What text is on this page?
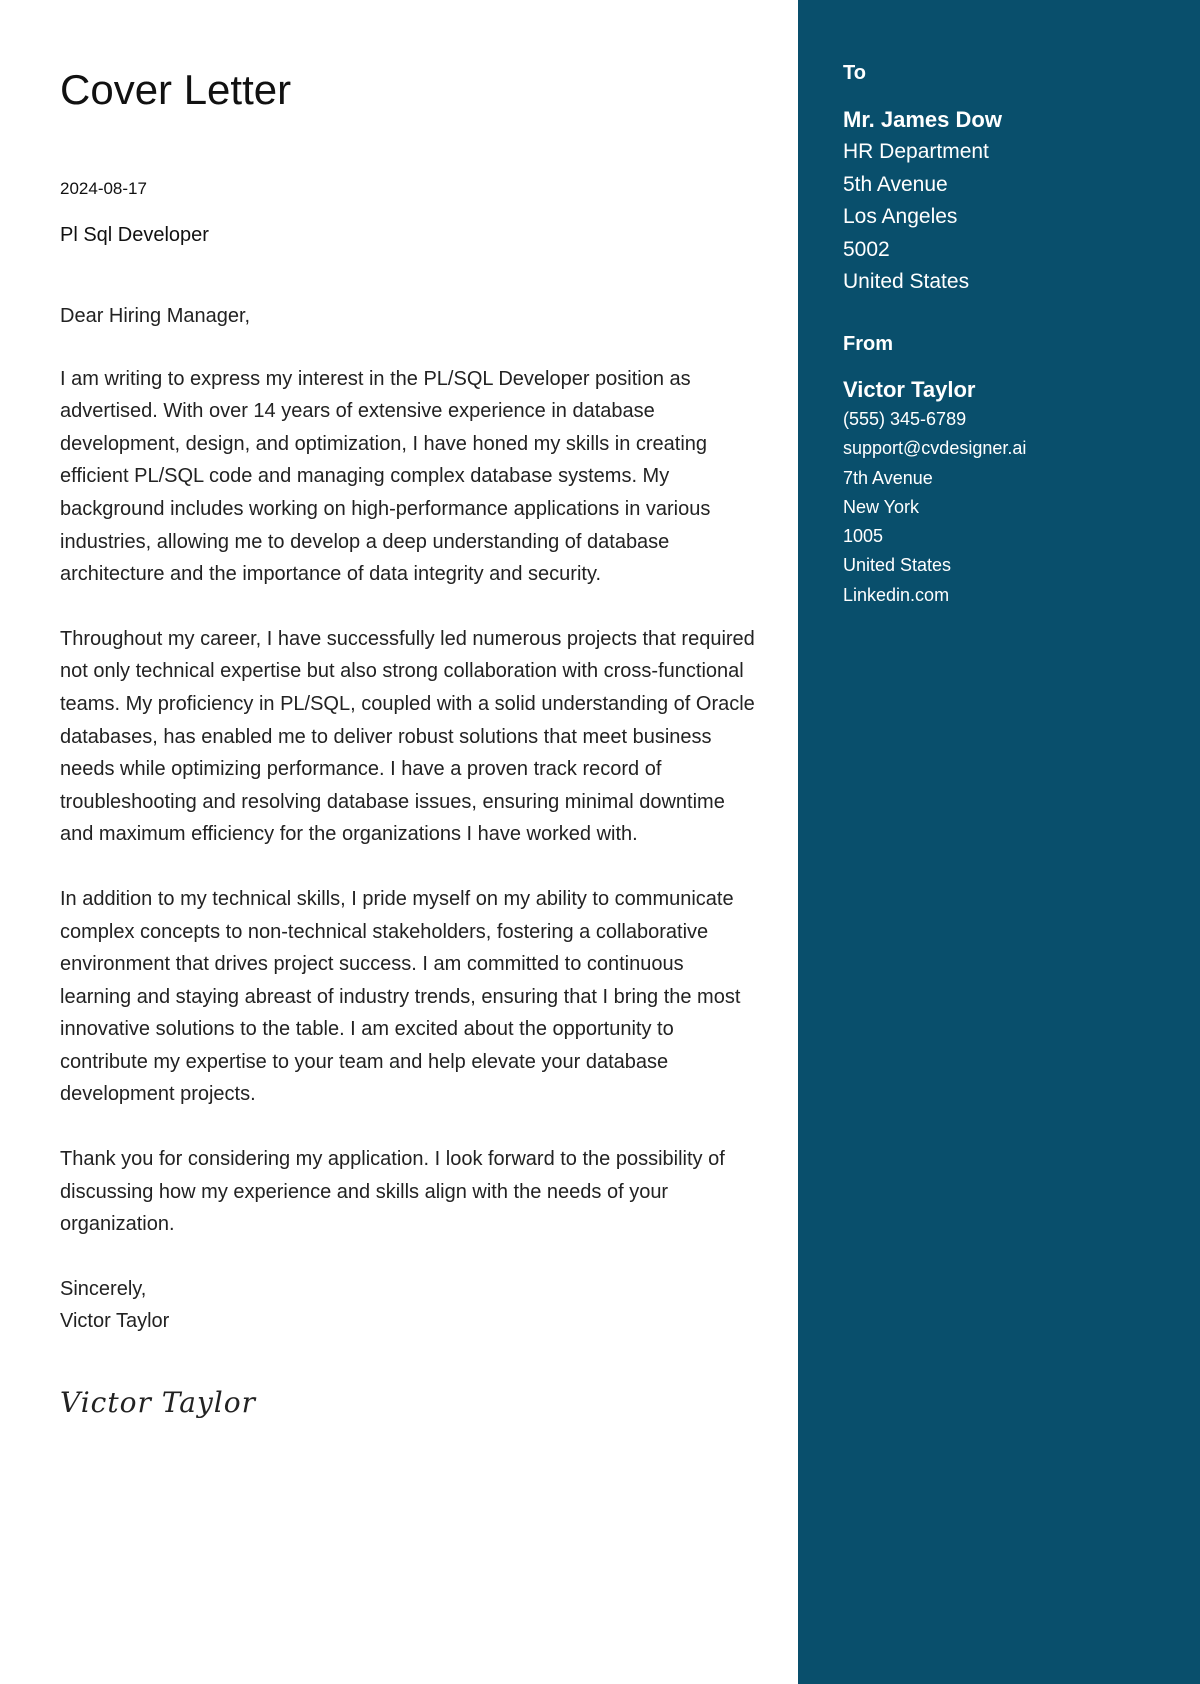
Cover Letter
2024-08-17
Pl Sql Developer

Dear Hiring Manager,

I am writing to express my interest in the PL/SQL Developer position as advertised. With over 14 years of extensive experience in database development, design, and optimization, I have honed my skills in creating efficient PL/SQL code and managing complex database systems. My background includes working on high-performance applications in various industries, allowing me to develop a deep understanding of database architecture and the importance of data integrity and security.

Throughout my career, I have successfully led numerous projects that required not only technical expertise but also strong collaboration with cross-functional teams. My proficiency in PL/SQL, coupled with a solid understanding of Oracle databases, has enabled me to deliver robust solutions that meet business needs while optimizing performance. I have a proven track record of troubleshooting and resolving database issues, ensuring minimal downtime and maximum efficiency for the organizations I have worked with.

In addition to my technical skills, I pride myself on my ability to communicate complex concepts to non-technical stakeholders, fostering a collaborative environment that drives project success. I am committed to continuous learning and staying abreast of industry trends, ensuring that I bring the most innovative solutions to the table. I am excited about the opportunity to contribute my expertise to your team and help elevate your database development projects.

Thank you for considering my application. I look forward to the possibility of discussing how my experience and skills align with the needs of your organization.

Sincerely,

Victor Taylor

Victor Taylor
To
Mr. James Dow
HR Department
5th Avenue
Los Angeles
5002
United States
From
Victor Taylor
(555) 345-6789
support@cvdesigner.ai
7th Avenue
New York
1005
United States
Linkedin.com
